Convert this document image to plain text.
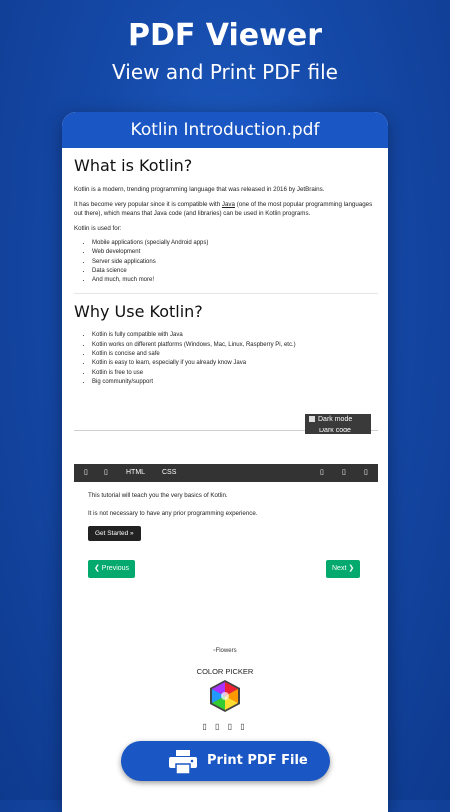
PDF Viewer
View and Print PDF file
Kotlin Introduction.pdf
What is Kotlin?

Kotlin is a modern, trending programming language that was released in 2016 by JetBrains.

It has become very popular since it is compatible with Java (one of the most popular programming languages out there), which means that Java code (and libraries) can be used in Kotlin programs.

Kotlin is used for:

• Mobile applications (specially Android apps)
• Web development
• Server side applications
• Data science
• And much, much more!
Why Use Kotlin?
• Kotlin is fully compatible with Java
• Kotlin works on different platforms (Windows, Mac, Linux, Raspberry Pi, etc.)
• Kotlin is concise and safe
• Kotlin is easy to learn, especially if you already know Java
• Kotlin is free to use
• Big community/support
Dark mode
Dark code
▯ ▯	HTML CSS	▯	▯	▯

This tutorial will teach you the very basics of Kotlin.

It is not necessary to have any prior programming experience.

Get Started »
❮ Previous	Next ❯
▫Flowers
COLOR PICKER
▯ ▯ ▯ ▯
Print PDF File
